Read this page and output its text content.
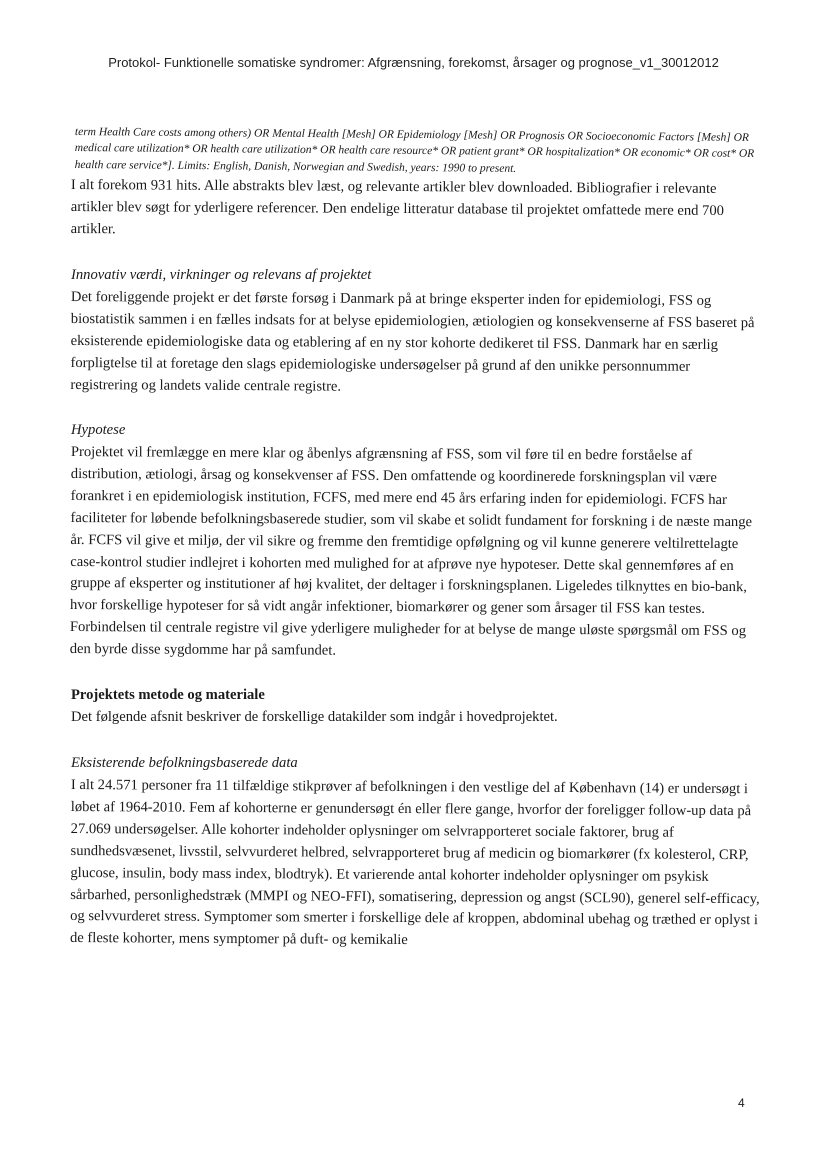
Protokol- Funktionelle somatiske syndromer: Afgrænsning, forekomst, årsager og prognose_v1_30012012

term Health Care costs among others) OR Mental Health [Mesh] OR Epidemiology [Mesh] OR Prognosis OR Socioeconomic Factors [Mesh] OR medical care utilization* OR health care utilization* OR health care resource* OR patient grant* OR hospitalization* OR economic* OR cost* OR health care service*]. Limits: English, Danish, Norwegian and Swedish, years: 1990 to present.

I alt forekom 931 hits. Alle abstrakts blev læst, og relevante artikler blev downloaded. Bibliografier i relevante artikler blev søgt for yderligere referencer. Den endelige litteratur database til projektet omfattede mere end 700 artikler.

Innovativ værdi, virkninger og relevans af projektet

Det foreliggende projekt er det første forsøg i Danmark på at bringe eksperter inden for epidemiologi, FSS og biostatistik sammen i en fælles indsats for at belyse epidemiologien, ætiologien og konsekvenserne af FSS baseret på eksisterende epidemiologiske data og etablering af en ny stor kohorte dedikeret til FSS. Danmark har en særlig forpligtelse til at foretage den slags epidemiologiske undersøgelser på grund af den unikke personnummer registrering og landets valide centrale registre.

Hypotese

Projektet vil fremlægge en mere klar og åbenlys afgrænsning af FSS, som vil føre til en bedre forståelse af distribution, ætiologi, årsag og konsekvenser af FSS. Den omfattende og koordinerede forskningsplan vil være forankret i en epidemiologisk institution, FCFS, med mere end 45 års erfaring inden for epidemiologi. FCFS har faciliteter for løbende befolkningsbaserede studier, som vil skabe et solidt fundament for forskning i de næste mange år. FCFS vil give et miljø, der vil sikre og fremme den fremtidige opfølgning og vil kunne generere veltilrettelagte case-kontrol studier indlejret i kohorten med mulighed for at afprøve nye hypoteser. Dette skal gennemføres af en gruppe af eksperter og institutioner af høj kvalitet, der deltager i forskningsplanen. Ligeledes tilknyttes en bio-bank, hvor forskellige hypoteser for så vidt angår infektioner, biomarkører og gener som årsager til FSS kan testes. Forbindelsen til centrale registre vil give yderligere muligheder for at belyse de mange uløste spørgsmål om FSS og den byrde disse sygdomme har på samfundet.

Projektets metode og materiale

Det følgende afsnit beskriver de forskellige datakilder som indgår i hovedprojektet.

Eksisterende befolkningsbaserede data

I alt 24.571 personer fra 11 tilfældige stikprøver af befolkningen i den vestlige del af København (14) er undersøgt i løbet af 1964-2010. Fem af kohorterne er genundersøgt én eller flere gange, hvorfor der foreligger follow-up data på 27.069 undersøgelser. Alle kohorter indeholder oplysninger om selvrapporteret sociale faktorer, brug af sundhedsvæsenet, livsstil, selvvurderet helbred, selvrapporteret brug af medicin og biomarkører (fx kolesterol, CRP, glucose, insulin, body mass index, blodtryk). Et varierende antal kohorter indeholder oplysninger om psykisk sårbarhed, personlighedstræk (MMPI og NEO-FFI), somatisering, depression og angst (SCL90), generel self-efficacy, og selvvurderet stress. Symptomer som smerter i forskellige dele af kroppen, abdominal ubehag og træthed er oplyst i de fleste kohorter, mens symptomer på duft- og kemikalie

4
